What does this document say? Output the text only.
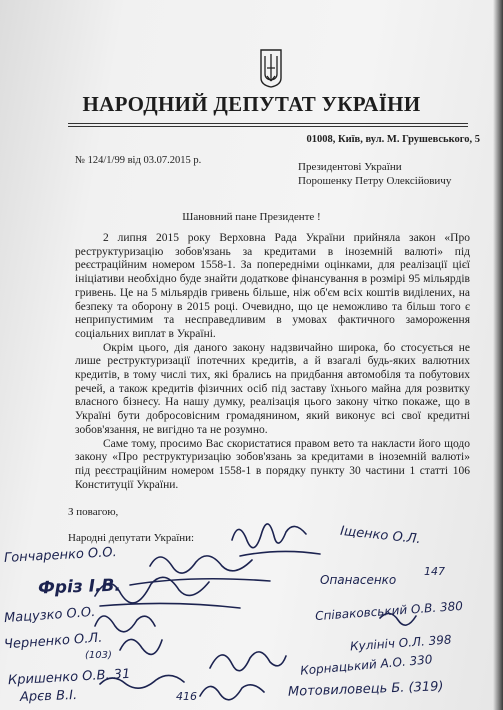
НАРОДНИЙ ДЕПУТАТ УКРАЇНИ
01008, Київ, вул. М. Грушевського, 5
№ 124/1/99 від 03.07.2015 р.
Президентові України
Порошенку Петру Олексійовичу
Шановний пане Президенте !

2 липня 2015 року Верховна Рада України прийняла закон «Про реструктуризацію зобов'язань за кредитами в іноземній валюті» під реєстраційним номером 1558-1. За попередніми оцінками, для реалізації цієї ініціативи необхідно буде знайти додаткове фінансування в розмірі 95 мільярдів гривень. Це на 5 мільярдів гривень більше, ніж об'єм всіх коштів виділених, на безпеку та оборону в 2015 році. Очевидно, що це неможливо та більш того є неприпустимим та несправедливим в умовах фактичного замороження соціальних виплат в Україні.

Окрім цього, дія даного закону надзвичайно широка, бо стосується не лише реструктуризації іпотечних кредитів, а й взагалі будь-яких валютних кредитів, в тому числі тих, які брались на придбання автомобіля та побутових речей, а також кредитів фізичних осіб під заставу їхнього майна для розвитку власного бізнесу. На нашу думку, реалізація цього закону чітко покаже, що в Україні бути добросовісним громадянином, який виконує всі свої кредитні зобов'язання, не вигідно та не розумно.

Саме тому, просимо Вас скористатися правом вето та накласти його щодо закону «Про реструктуризацію зобов'язань за кредитами в іноземній валюті» під реєстраційним номером 1558-1 в порядку пункту 30 частини 1 статті 106 Конституції України.

З повагою,
Народні депутати України:
Гончаренко О.О.
Фріз І.В.
Мацузко О.О.
Черненко О.Л.
(103)
Кришенко О.В. 31
Арєв В.І.	416
Іщенко О.Л.
147
Опанасенко
Співаковський О.В. 380
Кулініч О.Л. 398
Корнацький А.О. 330
Мотовиловець Б. (319)
